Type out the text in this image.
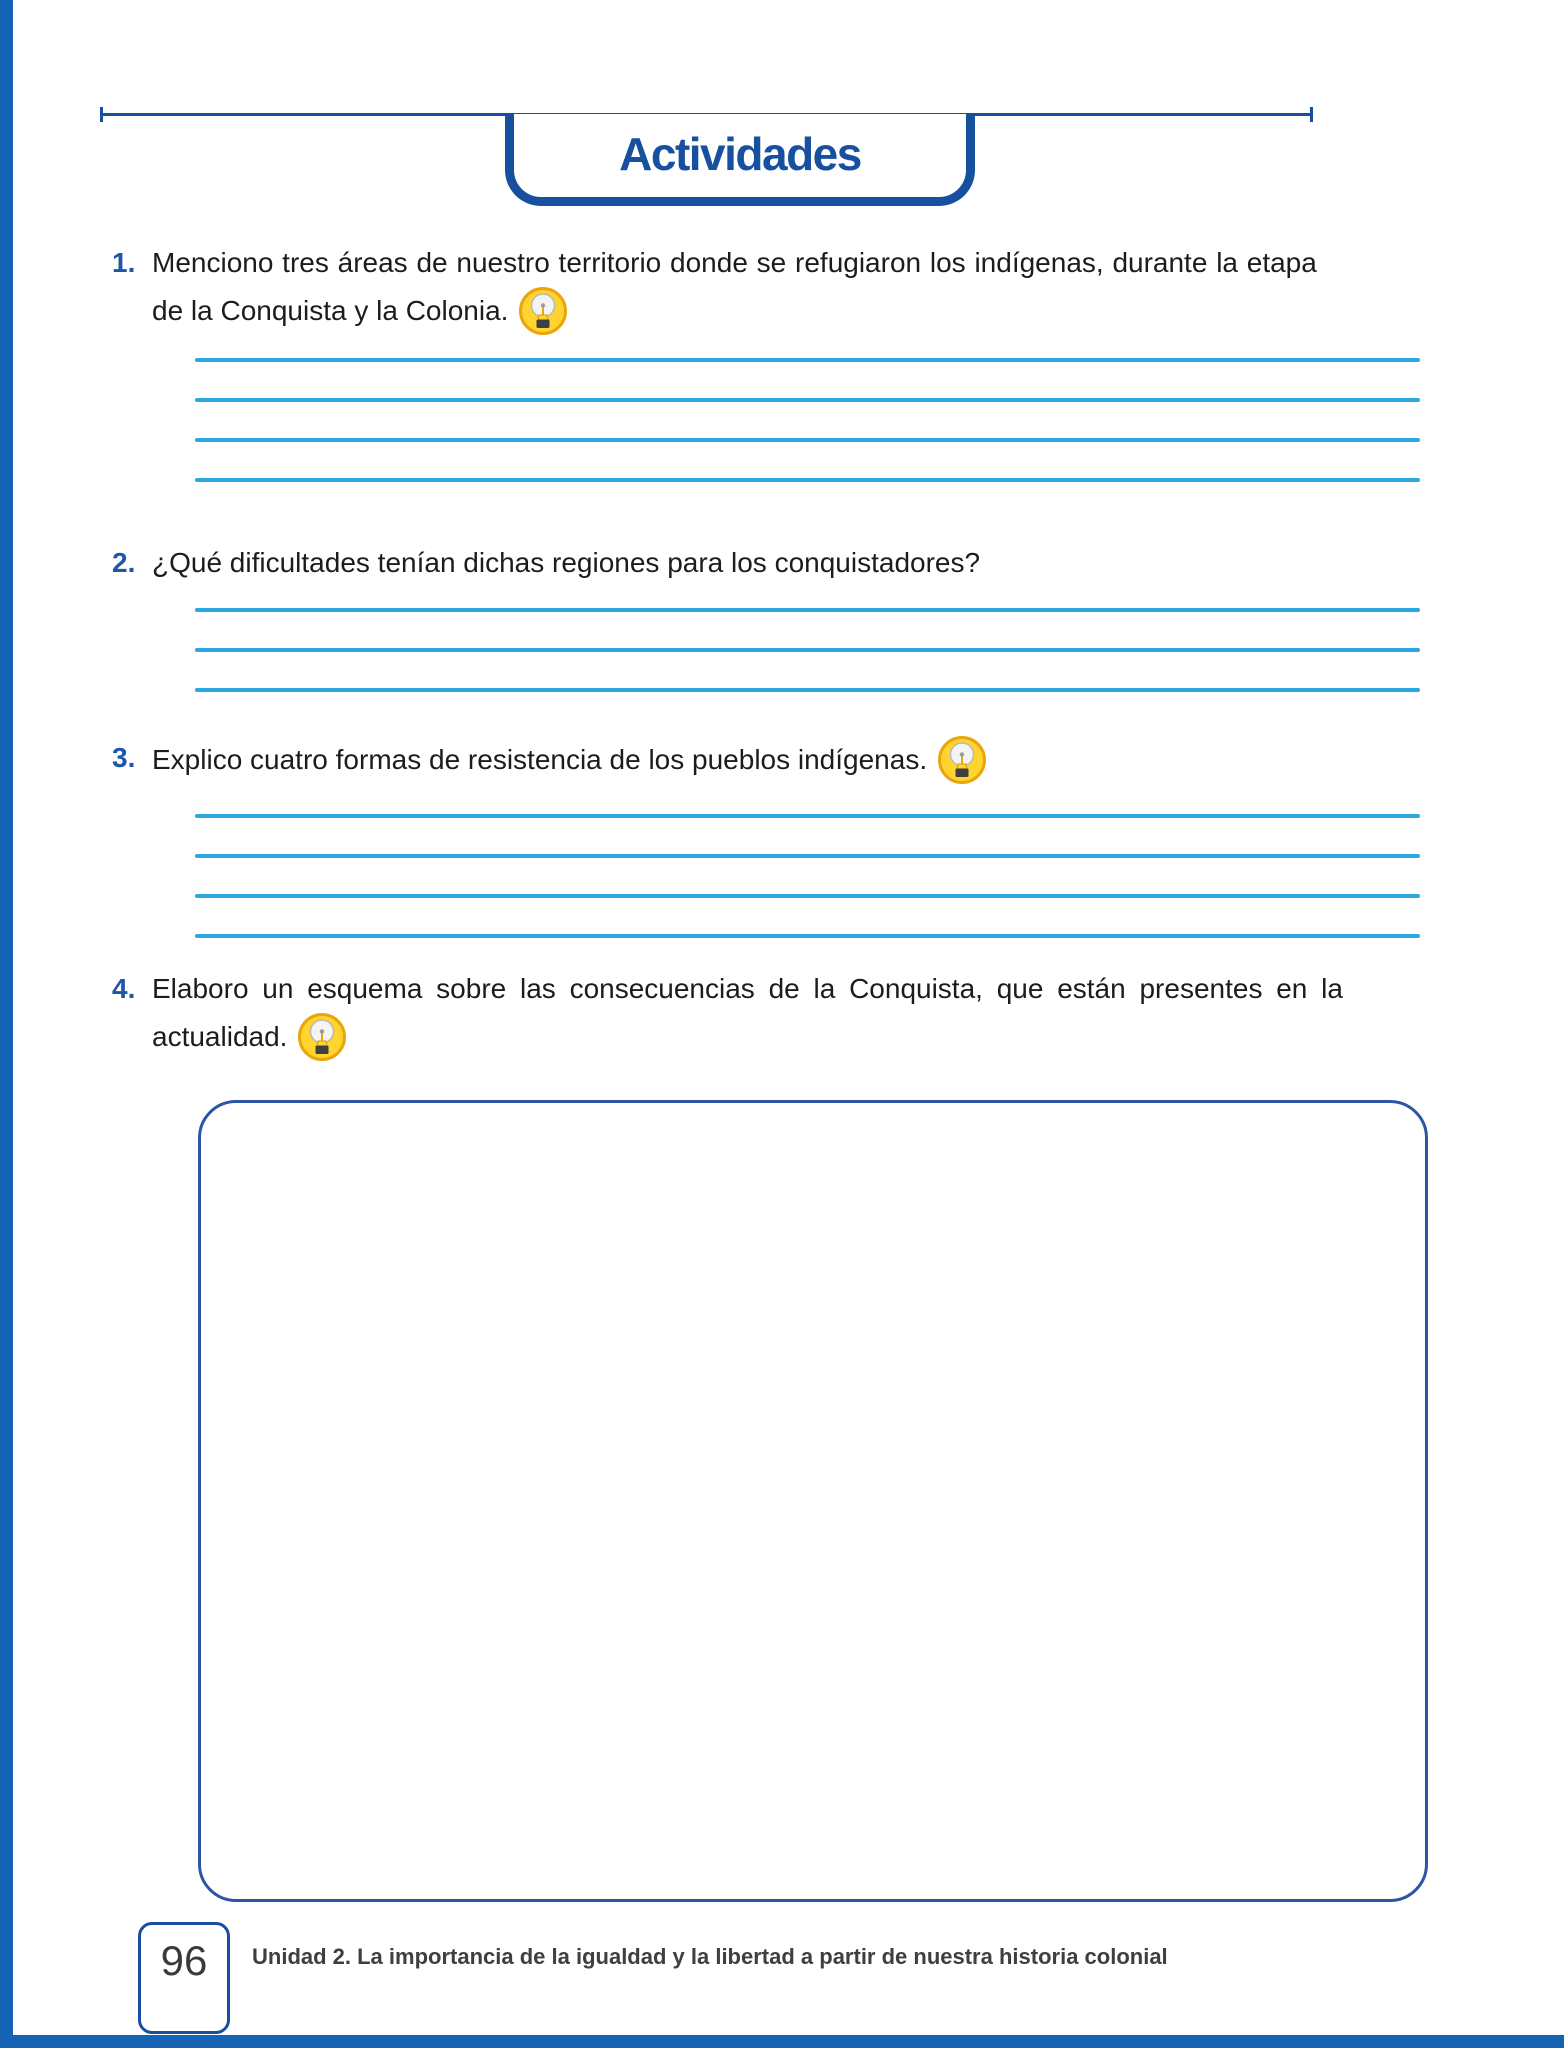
Actividades
1. Menciono tres áreas de nuestro territorio donde se refugiaron los indígenas, durante la etapa
de la Conquista y la Colonia.
2. ¿Qué dificultades tenían dichas regiones para los conquistadores?
3. Explico cuatro formas de resistencia de los pueblos indígenas.
4. Elaboro un esquema sobre las consecuencias de la Conquista, que están presentes en la
actualidad.
96	Unidad 2. La importancia de la igualdad y la libertad a partir de nuestra historia colonial
